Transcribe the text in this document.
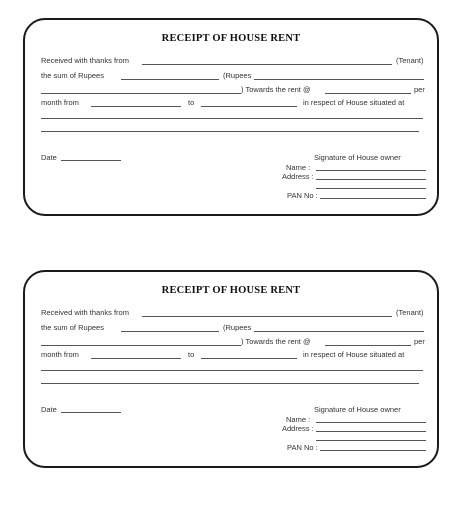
RECEIPT OF HOUSE RENT
Received with thanks from	(Tenant)
the sum of Rupees	(Rupees
) Towards the rent @	per
month from	to	in respect of House situated at
Date	Signature of House owner
Name :
Address :
PAN No :
RECEIPT OF HOUSE RENT
Received with thanks from	(Tenant)
the sum of Rupees	(Rupees
) Towards the rent @	per
month from	to	in respect of House situated at
Date	Signature of House owner
Name :
Address :
PAN No :
